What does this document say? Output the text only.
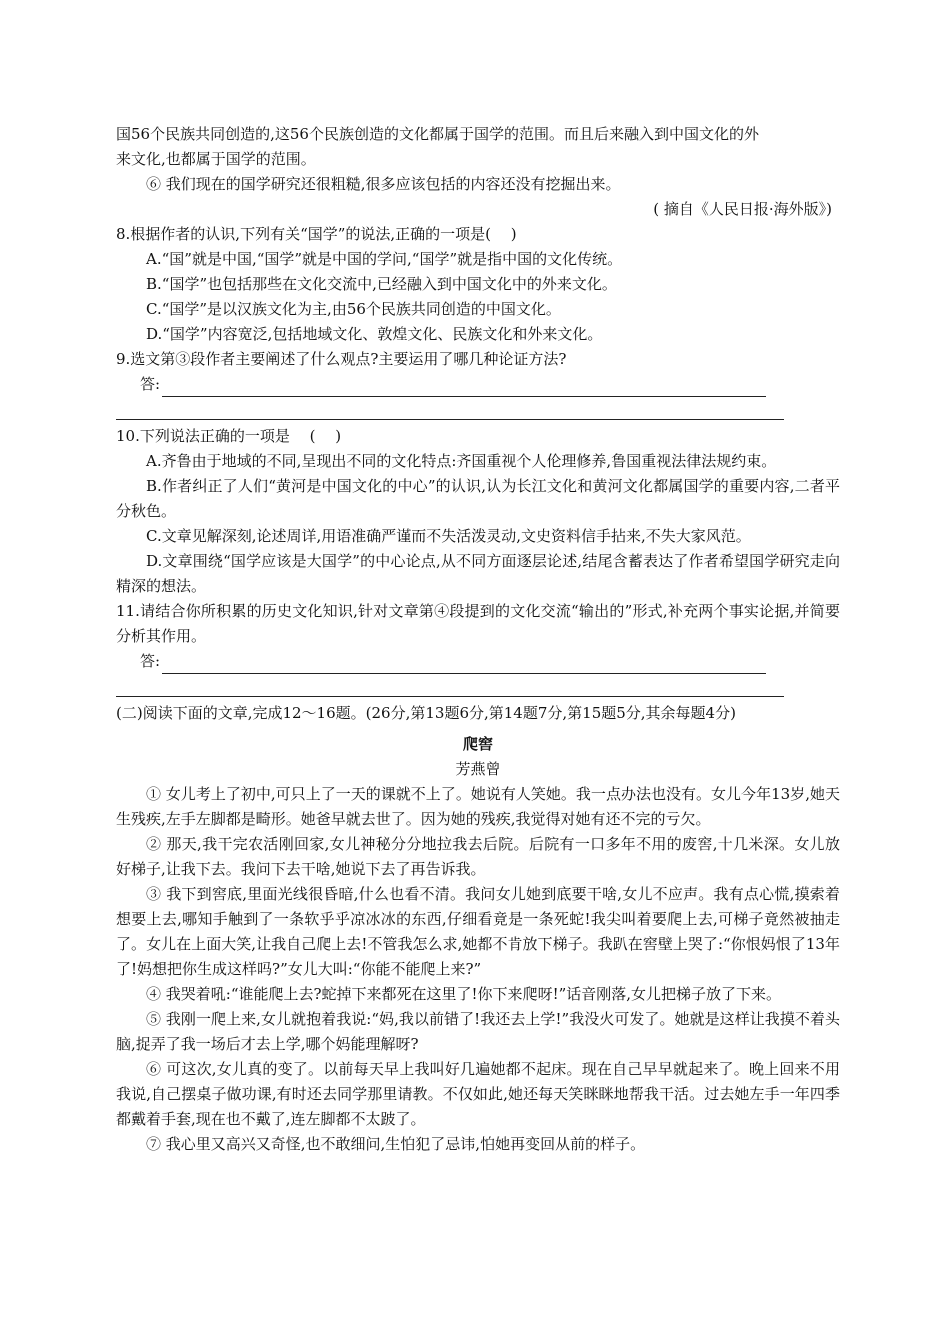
国56个民族共同创造的,这56个民族创造的文化都属于国学的范围。而且后来融入到中国文化的外
来文化,也都属于国学的范围。

⑥ 我们现在的国学研究还很粗糙,很多应该包括的内容还没有挖掘出来。

( 摘自《人民日报·海外版》)

8.根据作者的认识,下列有关“国学”的说法,正确的一项是(　 )

A.“国”就是中国,“国学”就是中国的学问,“国学”就是指中国的文化传统。

B.“国学”也包括那些在文化交流中,已经融入到中国文化中的外来文化。

C.“国学”是以汉族文化为主,由56个民族共同创造的中国文化。

D.“国学”内容宽泛,包括地域文化、敦煌文化、民族文化和外来文化。

9.选文第③段作者主要阐述了什么观点?主要运用了哪几种论证方法?

答:

10.下列说法正确的一项是　 (　 )

A.齐鲁由于地域的不同,呈现出不同的文化特点:齐国重视个人伦理修养,鲁国重视法律法规约束。

B.作者纠正了人们“黄河是中国文化的中心”的认识,认为长江文化和黄河文化都属国学的重要内容,二者平分秋色。

C.文章见解深刻,论述周详,用语准确严谨而不失活泼灵动,文史资料信手拈来,不失大家风范。

D.文章围绕“国学应该是大国学”的中心论点,从不同方面逐层论述,结尾含蓄表达了作者希望国学研究走向精深的想法。

11.请结合你所积累的历史文化知识,针对文章第④段提到的文化交流“输出的”形式,补充两个事实论据,并简要分析其作用。

答:

(二)阅读下面的文章,完成12～16题。(26分,第13题6分,第14题7分,第15题5分,其余每题4分)

爬窖

芳燕曾

① 女儿考上了初中,可只上了一天的课就不上了。她说有人笑她。我一点办法也没有。女儿今年13岁,她天生残疾,左手左脚都是畸形。她爸早就去世了。因为她的残疾,我觉得对她有还不完的亏欠。

② 那天,我干完农活刚回家,女儿神秘分分地拉我去后院。后院有一口多年不用的废窖,十几米深。女儿放好梯子,让我下去。我问下去干啥,她说下去了再告诉我。

③ 我下到窖底,里面光线很昏暗,什么也看不清。我问女儿她到底要干啥,女儿不应声。我有点心慌,摸索着想要上去,哪知手触到了一条软乎乎凉冰冰的东西,仔细看竟是一条死蛇!我尖叫着要爬上去,可梯子竟然被抽走了。女儿在上面大笑,让我自己爬上去!不管我怎么求,她都不肯放下梯子。我趴在窖壁上哭了:“你恨妈恨了13年了!妈想把你生成这样吗?”女儿大叫:“你能不能爬上来?”

④ 我哭着吼:“谁能爬上去?蛇掉下来都死在这里了!你下来爬呀!”话音刚落,女儿把梯子放了下来。

⑤ 我刚一爬上来,女儿就抱着我说:“妈,我以前错了!我还去上学!”我没火可发了。她就是这样让我摸不着头脑,捉弄了我一场后才去上学,哪个妈能理解呀?

⑥ 可这次,女儿真的变了。以前每天早上我叫好几遍她都不起床。现在自己早早就起来了。晚上回来不用我说,自己摆桌子做功课,有时还去同学那里请教。不仅如此,她还每天笑眯眯地帮我干活。过去她左手一年四季都戴着手套,现在也不戴了,连左脚都不太跛了。

⑦ 我心里又高兴又奇怪,也不敢细问,生怕犯了忌讳,怕她再变回从前的样子。
